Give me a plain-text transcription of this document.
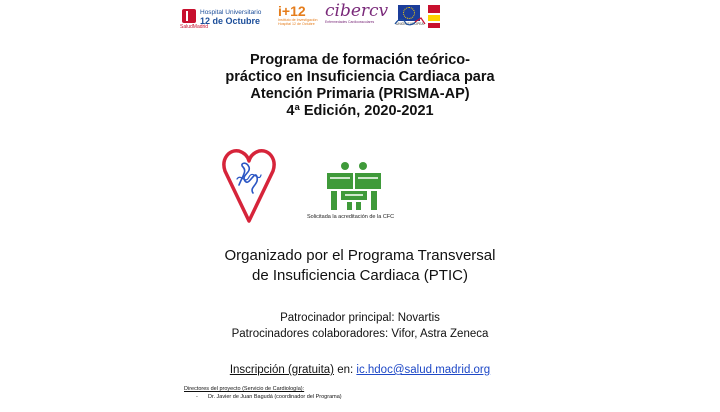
SaludMadrid
Hospital Universitario
12 de Octubre
i+12
Instituto de Investigación
Hospital 12 de Octubre
cibercv
Enfermedades Cardiovasculares	UNIÓN EUROPEA

Programa de formación teórico-

práctico en Insuficiencia Cardiaca para

Atención Primaria (PRISMA-AP)

4ª Edición, 2020-2021

Solicitada la acreditación de la CFC
Organizado por el Programa Transversal
de Insuficiencia Cardiaca (PTIC)
Patrocinador principal: Novartis
Patrocinadores colaboradores: Vifor, Astra Zeneca
Inscripción (gratuita) en: ic.hdoc@salud.madrid.org
Directores del proyecto (Servicio de Cardiología):
- Dr. Javier de Juan Bagudá (coordinador del Programa)
